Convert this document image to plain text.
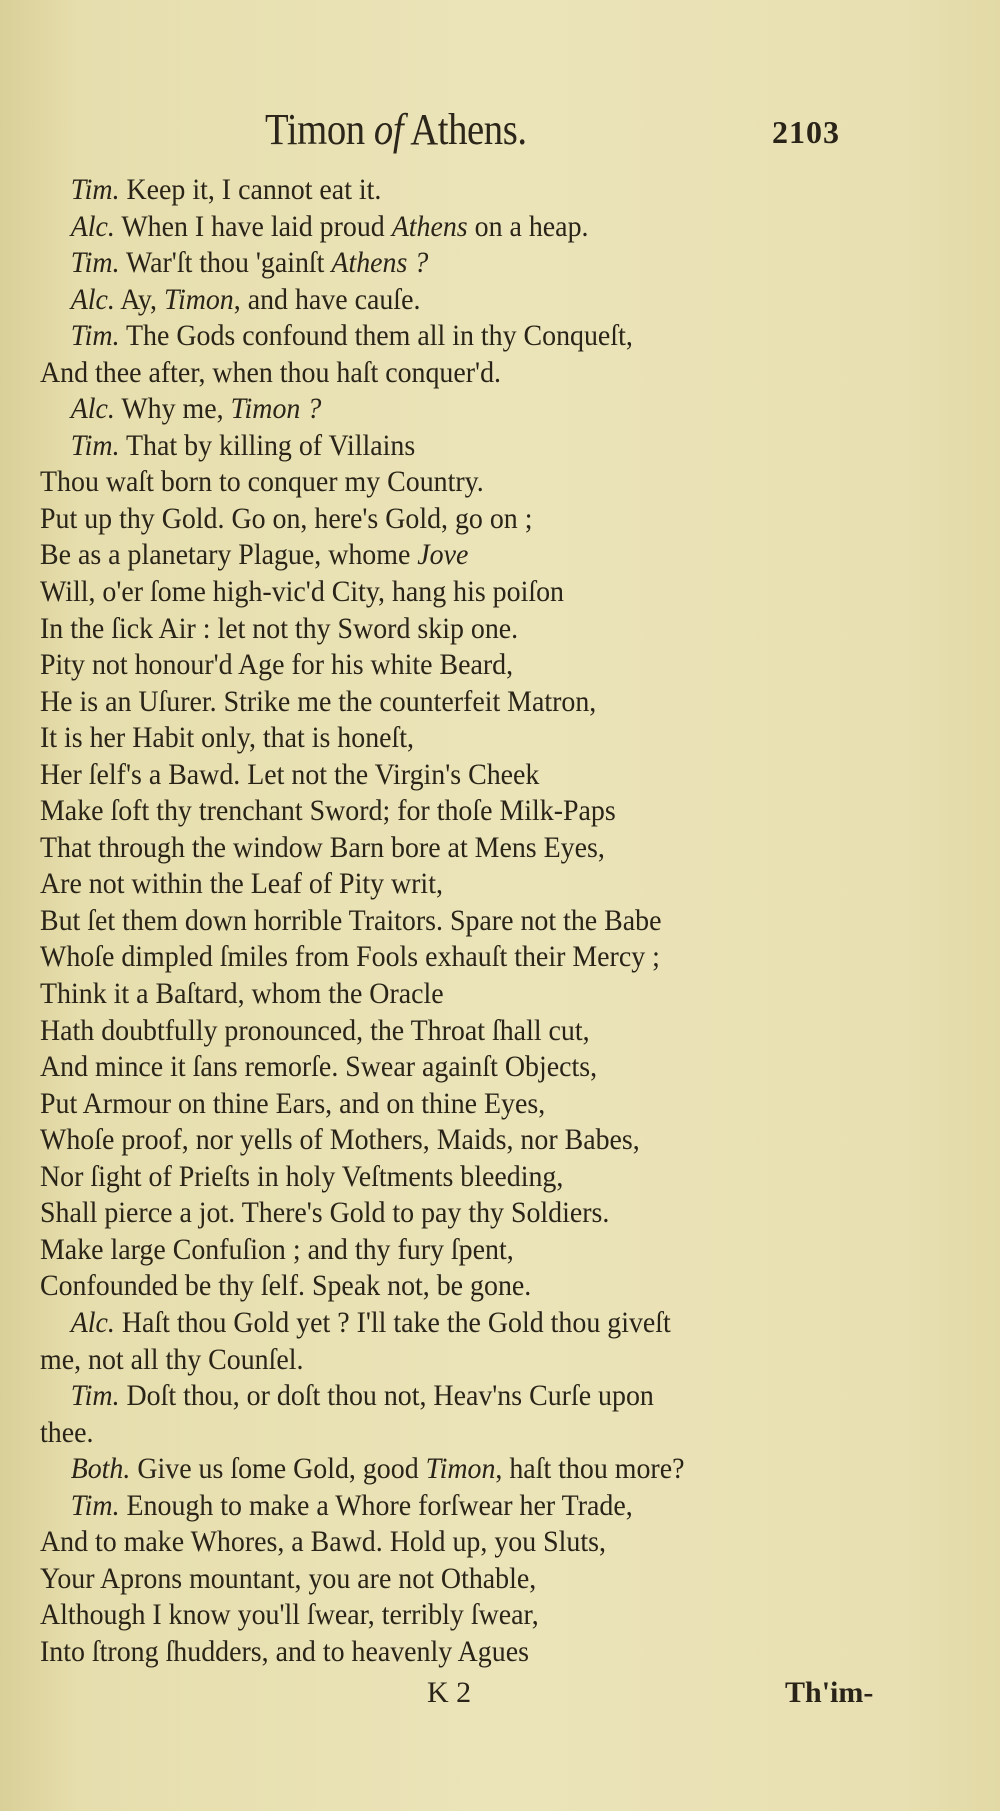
Timon of Athens.	2103
Tim. Keep it, I cannot eat it.
Alc. When I have laid proud Athens on a heap.
Tim. War'ſt thou 'gainſt Athens ?
Alc. Ay, Timon, and have cauſe.
Tim. The Gods confound them all in thy Conqueſt,
And thee after, when thou haſt conquer'd.
Alc. Why me, Timon ?
Tim. That by killing of Villains
Thou waſt born to conquer my Country.
Put up thy Gold. Go on, here's Gold, go on ;
Be as a planetary Plague, whome Jove
Will, o'er ſome high-vic'd City, hang his poiſon
In the ſick Air : let not thy Sword skip one.
Pity not honour'd Age for his white Beard,
He is an Uſurer. Strike me the counterfeit Matron,
It is her Habit only, that is honeſt,
Her ſelf's a Bawd. Let not the Virgin's Cheek
Make ſoft thy trenchant Sword; for thoſe Milk-Paps
That through the window Barn bore at Mens Eyes,
Are not within the Leaf of Pity writ,
But ſet them down horrible Traitors. Spare not the Babe
Whoſe dimpled ſmiles from Fools exhauſt their Mercy ;
Think it a Baſtard, whom the Oracle
Hath doubtfully pronounced, the Throat ſhall cut,
And mince it ſans remorſe. Swear againſt Objects,
Put Armour on thine Ears, and on thine Eyes,
Whoſe proof, nor yells of Mothers, Maids, nor Babes,
Nor ſight of Prieſts in holy Veſtments bleeding,
Shall pierce a jot. There's Gold to pay thy Soldiers.
Make large Confuſion ; and thy fury ſpent,
Confounded be thy ſelf. Speak not, be gone.
Alc. Haſt thou Gold yet ? I'll take the Gold thou giveſt
me, not all thy Counſel.
Tim. Doſt thou, or doſt thou not, Heav'ns Curſe upon
thee.
Both. Give us ſome Gold, good Timon, haſt thou more?
Tim. Enough to make a Whore forſwear her Trade,
And to make Whores, a Bawd. Hold up, you Sluts,
Your Aprons mountant, you are not Othable,
Although I know you'll ſwear, terribly ſwear,
Into ſtrong ſhudders, and to heavenly Agues
K 2	Th'im-
